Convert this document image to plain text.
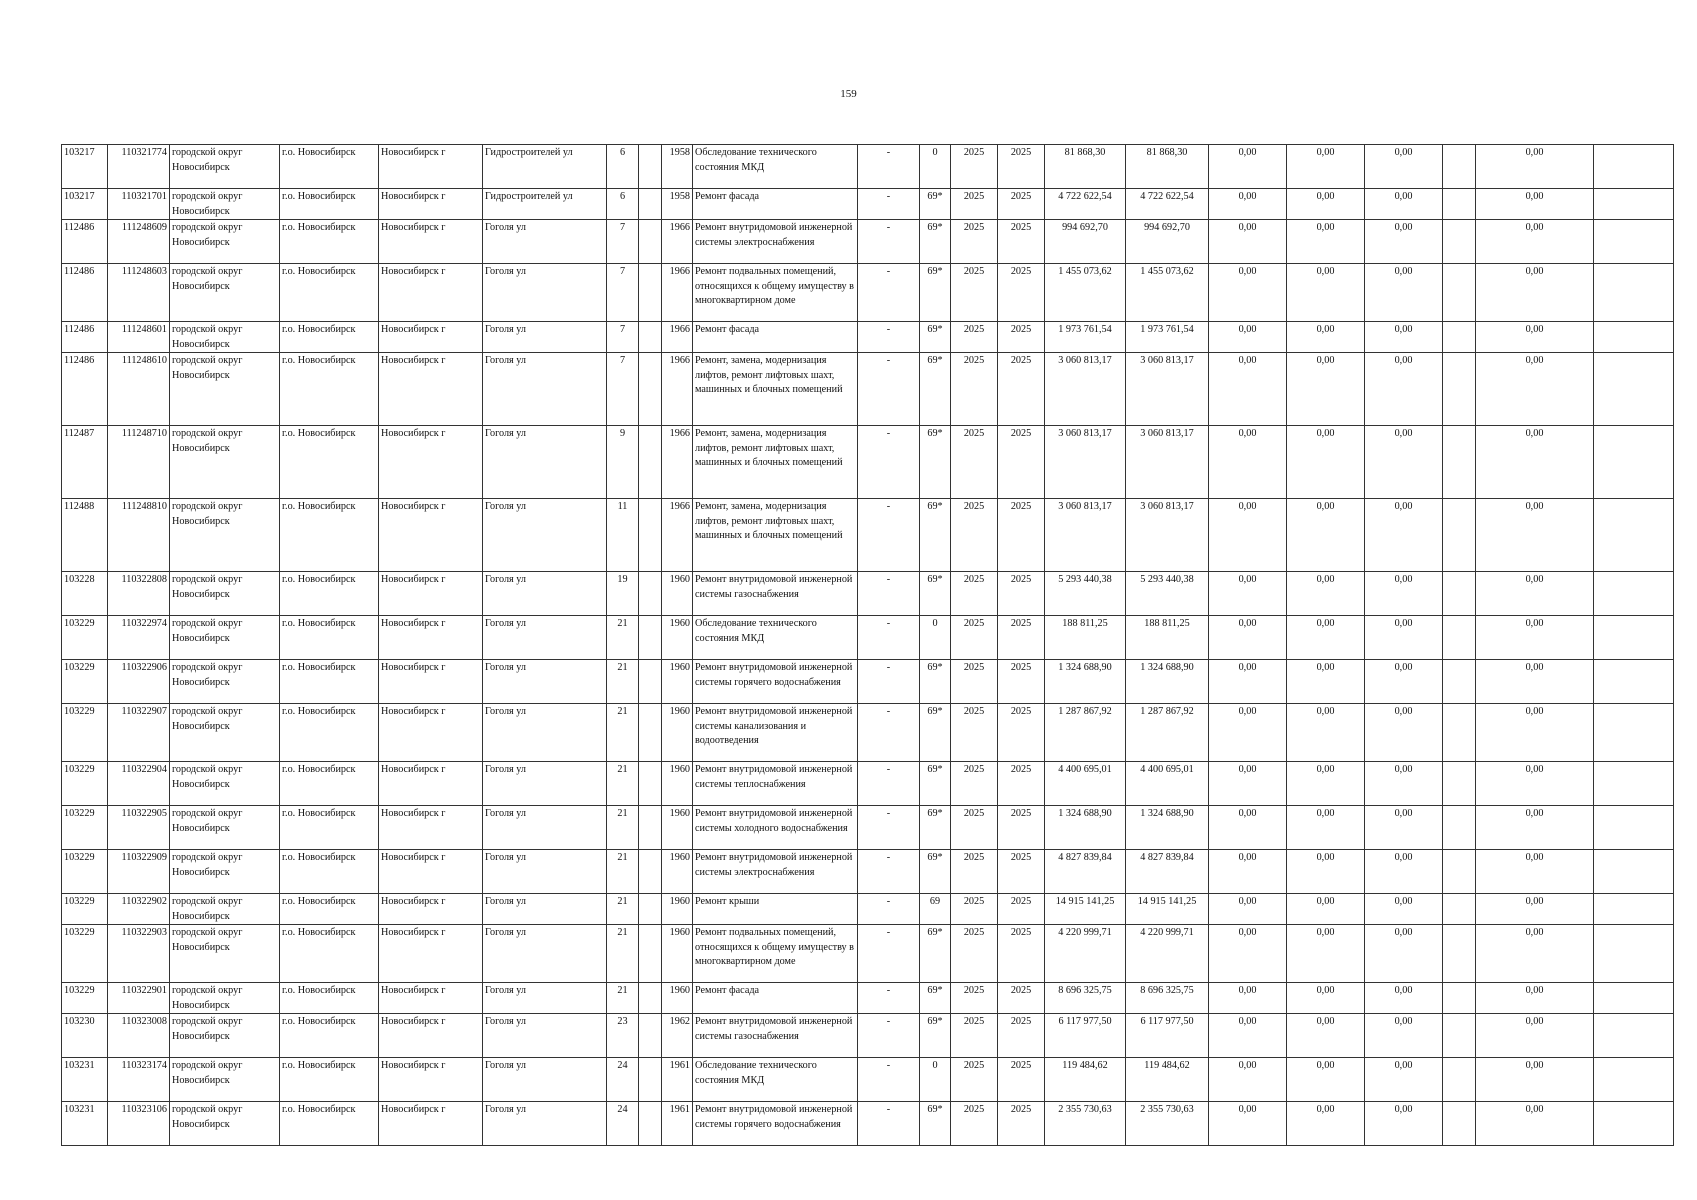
159
103217	110321774	городской округ Новосибирск	г.о. Новосибирск	Новосибирск г	Гидростроителей ул	6		1958	Обследование технического состояния МКД	-	0	2025	2025	81 868,30	81 868,30	0,00	0,00	0,00		0,00	
103217	110321701	городской округ Новосибирск	г.о. Новосибирск	Новосибирск г	Гидростроителей ул	6		1958	Ремонт фасада	-	69*	2025	2025	4 722 622,54	4 722 622,54	0,00	0,00	0,00		0,00	
112486	111248609	городской округ Новосибирск	г.о. Новосибирск	Новосибирск г	Гоголя ул	7		1966	Ремонт внутридомовой инженерной системы электроснабжения	-	69*	2025	2025	994 692,70	994 692,70	0,00	0,00	0,00		0,00	
112486	111248603	городской округ Новосибирск	г.о. Новосибирск	Новосибирск г	Гоголя ул	7		1966	Ремонт подвальных помещений, относящихся к общему имуществу в многоквартирном доме	-	69*	2025	2025	1 455 073,62	1 455 073,62	0,00	0,00	0,00		0,00	
112486	111248601	городской округ Новосибирск	г.о. Новосибирск	Новосибирск г	Гоголя ул	7		1966	Ремонт фасада	-	69*	2025	2025	1 973 761,54	1 973 761,54	0,00	0,00	0,00		0,00	
112486	111248610	городской округ Новосибирск	г.о. Новосибирск	Новосибирск г	Гоголя ул	7		1966	Ремонт, замена, модернизация лифтов, ремонт лифтовых шахт, машинных и блочных помещений	-	69*	2025	2025	3 060 813,17	3 060 813,17	0,00	0,00	0,00		0,00	
112487	111248710	городской округ Новосибирск	г.о. Новосибирск	Новосибирск г	Гоголя ул	9		1966	Ремонт, замена, модернизация лифтов, ремонт лифтовых шахт, машинных и блочных помещений	-	69*	2025	2025	3 060 813,17	3 060 813,17	0,00	0,00	0,00		0,00	
112488	111248810	городской округ Новосибирск	г.о. Новосибирск	Новосибирск г	Гоголя ул	11		1966	Ремонт, замена, модернизация лифтов, ремонт лифтовых шахт, машинных и блочных помещений	-	69*	2025	2025	3 060 813,17	3 060 813,17	0,00	0,00	0,00		0,00	
103228	110322808	городской округ Новосибирск	г.о. Новосибирск	Новосибирск г	Гоголя ул	19		1960	Ремонт внутридомовой инженерной системы газоснабжения	-	69*	2025	2025	5 293 440,38	5 293 440,38	0,00	0,00	0,00		0,00	
103229	110322974	городской округ Новосибирск	г.о. Новосибирск	Новосибирск г	Гоголя ул	21		1960	Обследование технического состояния МКД	-	0	2025	2025	188 811,25	188 811,25	0,00	0,00	0,00		0,00	
103229	110322906	городской округ Новосибирск	г.о. Новосибирск	Новосибирск г	Гоголя ул	21		1960	Ремонт внутридомовой инженерной системы горячего водоснабжения	-	69*	2025	2025	1 324 688,90	1 324 688,90	0,00	0,00	0,00		0,00	
103229	110322907	городской округ Новосибирск	г.о. Новосибирск	Новосибирск г	Гоголя ул	21		1960	Ремонт внутридомовой инженерной системы канализования и водоотведения	-	69*	2025	2025	1 287 867,92	1 287 867,92	0,00	0,00	0,00		0,00	
103229	110322904	городской округ Новосибирск	г.о. Новосибирск	Новосибирск г	Гоголя ул	21		1960	Ремонт внутридомовой инженерной системы теплоснабжения	-	69*	2025	2025	4 400 695,01	4 400 695,01	0,00	0,00	0,00		0,00	
103229	110322905	городской округ Новосибирск	г.о. Новосибирск	Новосибирск г	Гоголя ул	21		1960	Ремонт внутридомовой инженерной системы холодного водоснабжения	-	69*	2025	2025	1 324 688,90	1 324 688,90	0,00	0,00	0,00		0,00	
103229	110322909	городской округ Новосибирск	г.о. Новосибирск	Новосибирск г	Гоголя ул	21		1960	Ремонт внутридомовой инженерной системы электроснабжения	-	69*	2025	2025	4 827 839,84	4 827 839,84	0,00	0,00	0,00		0,00	
103229	110322902	городской округ Новосибирск	г.о. Новосибирск	Новосибирск г	Гоголя ул	21		1960	Ремонт крыши	-	69	2025	2025	14 915 141,25	14 915 141,25	0,00	0,00	0,00		0,00	
103229	110322903	городской округ Новосибирск	г.о. Новосибирск	Новосибирск г	Гоголя ул	21		1960	Ремонт подвальных помещений, относящихся к общему имуществу в многоквартирном доме	-	69*	2025	2025	4 220 999,71	4 220 999,71	0,00	0,00	0,00		0,00	
103229	110322901	городской округ Новосибирск	г.о. Новосибирск	Новосибирск г	Гоголя ул	21		1960	Ремонт фасада	-	69*	2025	2025	8 696 325,75	8 696 325,75	0,00	0,00	0,00		0,00	
103230	110323008	городской округ Новосибирск	г.о. Новосибирск	Новосибирск г	Гоголя ул	23		1962	Ремонт внутридомовой инженерной системы газоснабжения	-	69*	2025	2025	6 117 977,50	6 117 977,50	0,00	0,00	0,00		0,00	
103231	110323174	городской округ Новосибирск	г.о. Новосибирск	Новосибирск г	Гоголя ул	24		1961	Обследование технического состояния МКД	-	0	2025	2025	119 484,62	119 484,62	0,00	0,00	0,00		0,00	
103231	110323106	городской округ Новосибирск	г.о. Новосибирск	Новосибирск г	Гоголя ул	24		1961	Ремонт внутридомовой инженерной системы горячего водоснабжения	-	69*	2025	2025	2 355 730,63	2 355 730,63	0,00	0,00	0,00		0,00	
